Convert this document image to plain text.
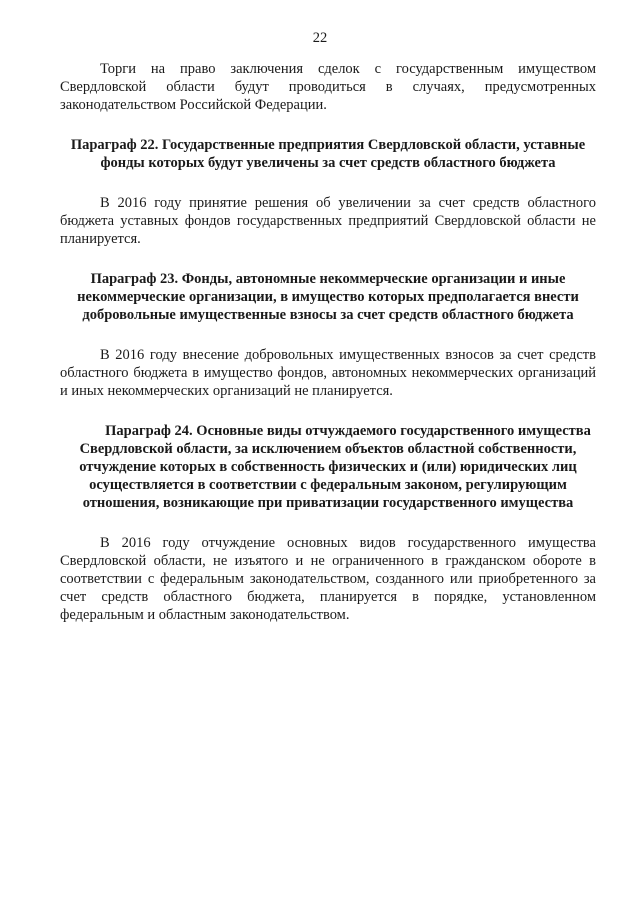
22

Торги на право заключения сделок с государственным имуществом Свердловской области будут проводиться в случаях, предусмотренных законодательством Российской Федерации.

Параграф 22. Государственные предприятия Свердловской области, уставные фонды которых будут увеличены за счет средств областного бюджета

В 2016 году принятие решения об увеличении за счет средств областного бюджета уставных фондов государственных предприятий Свердловской области не планируется.

Параграф 23. Фонды, автономные некоммерческие организации и иные некоммерческие организации, в имущество которых предполагается внести добровольные имущественные взносы за счет средств областного бюджета

В 2016 году внесение добровольных имущественных взносов за счет средств областного бюджета в имущество фондов, автономных некоммерческих организаций и иных некоммерческих организаций не планируется.

Параграф 24. Основные виды отчуждаемого государственного имущества Свердловской области, за исключением объектов областной собственности, отчуждение которых в собственность физических и (или) юридических лиц осуществляется в соответствии с федеральным законом, регулирующим отношения, возникающие при приватизации государственного имущества

В 2016 году отчуждение основных видов государственного имущества Свердловской области, не изъятого и не ограниченного в гражданском обороте в соответствии с федеральным законодательством, созданного или приобретенного за счет средств областного бюджета, планируется в порядке, установленном федеральным и областным законодательством.
